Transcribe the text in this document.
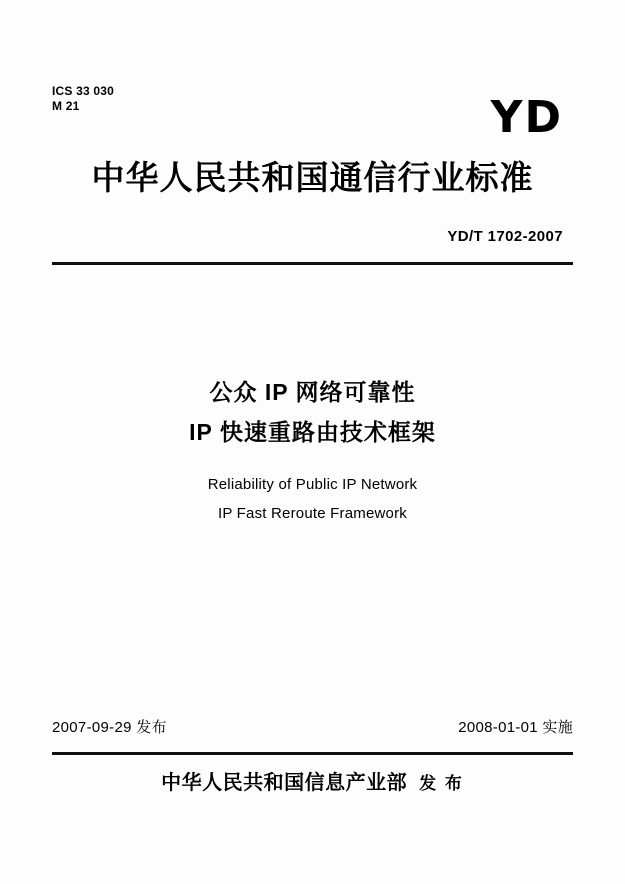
ICS 33 030
M 21	YD
中华人民共和国通信行业标准
YD/T 1702-2007
公众 IP 网络可靠性
IP 快速重路由技术框架
Reliability of Public IP Network
IP Fast Reroute Framework
2007-09-29 发布	2008-01-01 实施
中华人民共和国信息产业部 发 布
